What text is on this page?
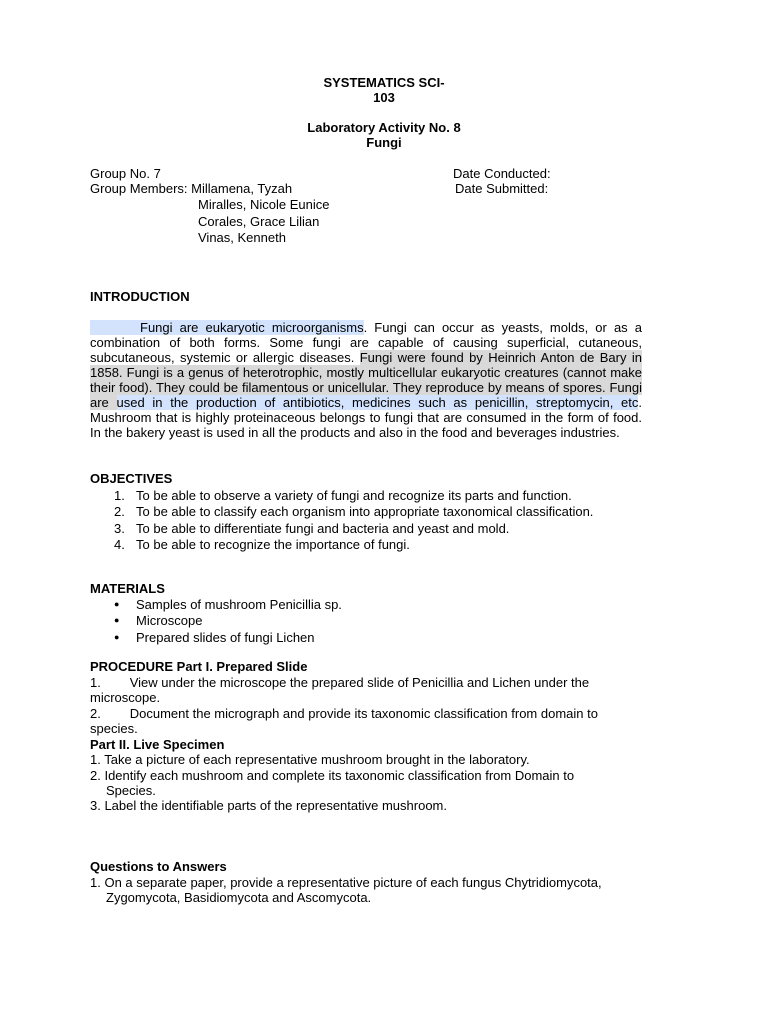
SYSTEMATICS SCI-
103
Laboratory Activity No. 8
Fungi
Group No. 7
Group Members: Millamena, Tyzah
Miralles, Nicole Eunice
Corales, Grace Lilian
Vinas, Kenneth
Date Conducted:
Date Submitted:
INTRODUCTION
Fungi are eukaryotic microorganisms. Fungi can occur as yeasts, molds, or as a combination of both forms. Some fungi are capable of causing superficial, cutaneous, subcutaneous, systemic or allergic diseases. Fungi were found by Heinrich Anton de Bary in 1858. Fungi is a genus of heterotrophic, mostly multicellular eukaryotic creatures (cannot make their food). They could be filamentous or unicellular. They reproduce by means of spores. Fungi are used in the production of antibiotics, medicines such as penicillin, streptomycin, etc. Mushroom that is highly proteinaceous belongs to fungi that are consumed in the form of food. In the bakery yeast is used in all the products and also in the food and beverages industries.
OBJECTIVES
1. To be able to observe a variety of fungi and recognize its parts and function.
2. To be able to classify each organism into appropriate taxonomical classification.
3. To be able to differentiate fungi and bacteria and yeast and mold.
4. To be able to recognize the importance of fungi.
MATERIALS
● Samples of mushroom Penicillia sp.
● Microscope
● Prepared slides of fungi Lichen
PROCEDURE Part I. Prepared Slide
1.        View under the microscope the prepared slide of Penicillia and Lichen under the microscope.
2.        Document the micrograph and provide its taxonomic classification from domain to species.
Part II. Live Specimen
1. Take a picture of each representative mushroom brought in the laboratory.
2. Identify each mushroom and complete its taxonomic classification from Domain to Species.
3. Label the identifiable parts of the representative mushroom.
Questions to Answers
1. On a separate paper, provide a representative picture of each fungus Chytridiomycota, Zygomycota, Basidiomycota and Ascomycota.
